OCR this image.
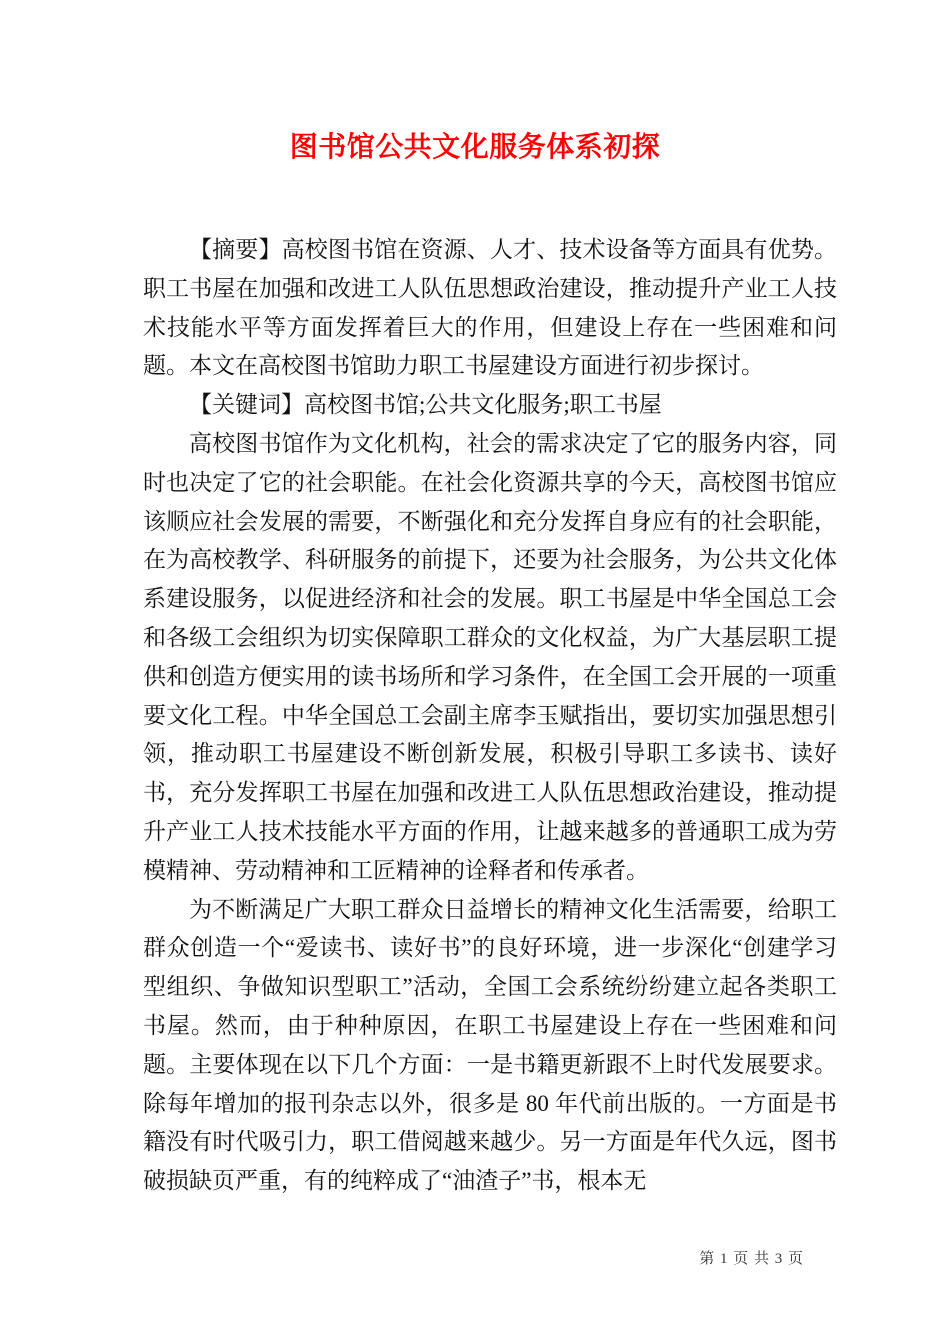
图书馆公共文化服务体系初探

【摘要】高校图书馆在资源、人才、技术设备等方面具有优势。职工书屋在加强和改进工人队伍思想政治建设，推动提升产业工人技术技能水平等方面发挥着巨大的作用，但建设上存在一些困难和问题。本文在高校图书馆助力职工书屋建设方面进行初步探讨。

【关键词】高校图书馆;公共文化服务;职工书屋

高校图书馆作为文化机构，社会的需求决定了它的服务内容，同时也决定了它的社会职能。在社会化资源共享的今天，高校图书馆应该顺应社会发展的需要，不断强化和充分发挥自身应有的社会职能，在为高校教学、科研服务的前提下，还要为社会服务，为公共文化体系建设服务，以促进经济和社会的发展。职工书屋是中华全国总工会和各级工会组织为切实保障职工群众的文化权益，为广大基层职工提供和创造方便实用的读书场所和学习条件，在全国工会开展的一项重要文化工程。中华全国总工会副主席李玉赋指出，要切实加强思想引领，推动职工书屋建设不断创新发展，积极引导职工多读书、读好书，充分发挥职工书屋在加强和改进工人队伍思想政治建设，推动提升产业工人技术技能水平方面的作用，让越来越多的普通职工成为劳模精神、劳动精神和工匠精神的诠释者和传承者。

为不断满足广大职工群众日益增长的精神文化生活需要，给职工群众创造一个“爱读书、读好书”的良好环境，进一步深化“创建学习型组织、争做知识型职工”活动，全国工会系统纷纷建立起各类职工书屋。然而，由于种种原因，在职工书屋建设上存在一些困难和问题。主要体现在以下几个方面：一是书籍更新跟不上时代发展要求。除每年增加的报刊杂志以外，很多是 80 年代前出版的。一方面是书籍没有时代吸引力，职工借阅越来越少。另一方面是年代久远，图书破损缺页严重，有的纯粹成了“油渣子”书，根本无

第 1 页 共 3 页
